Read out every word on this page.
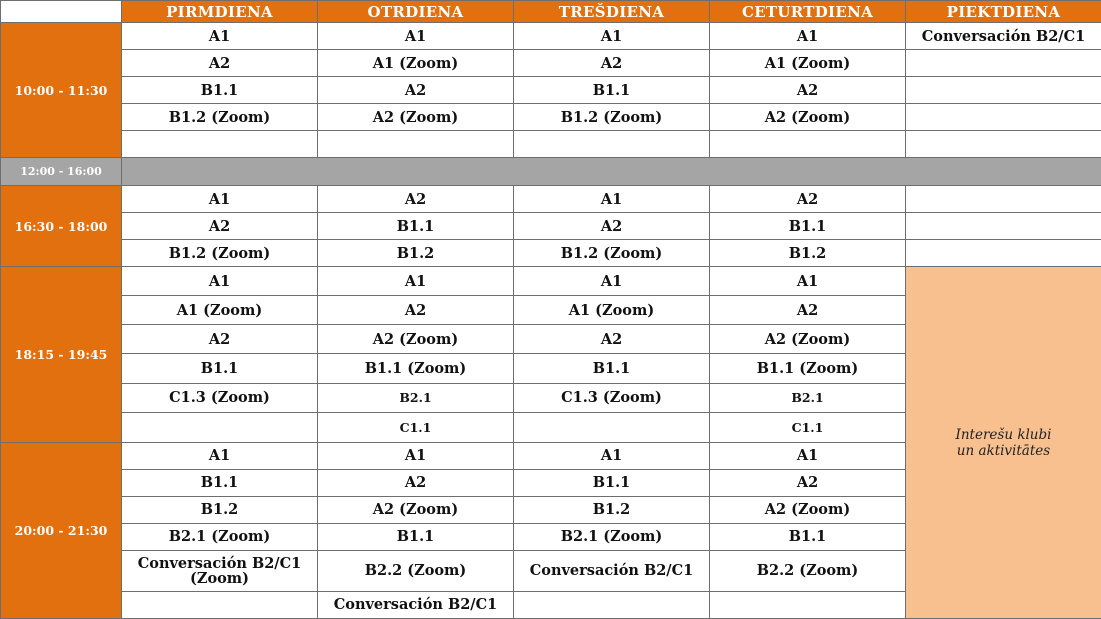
	PIRMDIENA	OTRDIENA	TREŠDIENA	CETURTDIENA	PIEKTDIENA
10:00 - 11:30	A1	A1	A1	A1	Conversación B2/C1
	A2	A1 (Zoom)	A2	A1 (Zoom)	
	B1.1	A2	B1.1	A2	
	B1.2 (Zoom)	A2 (Zoom)	B1.2 (Zoom)	A2 (Zoom)	

12:00 - 16:00					
16:30 - 18:00	A1	A2	A1	A2	
	A2	B1.1	A2	B1.1	
	B1.2 (Zoom)	B1.2	B1.2 (Zoom)	B1.2	
18:15 - 19:45	A1	A1	A1	A1	Interešu klubi
un aktivitātes

	A1 (Zoom)	A2	A1 (Zoom)	A2	
	A2	A2 (Zoom)	A2	A2 (Zoom)	
	B1.1	B1.1 (Zoom)	B1.1	B1.1 (Zoom)	
	C1.3 (Zoom)	B2.1	C1.3 (Zoom)	B2.1	
		C1.1		C1.1	
20:00 - 21:30	A1	A1	A1	A1	
	B1.1	A2	B1.1	A2	
	B1.2	A2 (Zoom)	B1.2	A2 (Zoom)	
	B2.1 (Zoom)	B1.1	B2.1 (Zoom)	B1.1	
	Conversación B2/C1 (Zoom)	B2.2 (Zoom)	Conversación B2/C1	B2.2 (Zoom)	
		Conversación B2/C1			
